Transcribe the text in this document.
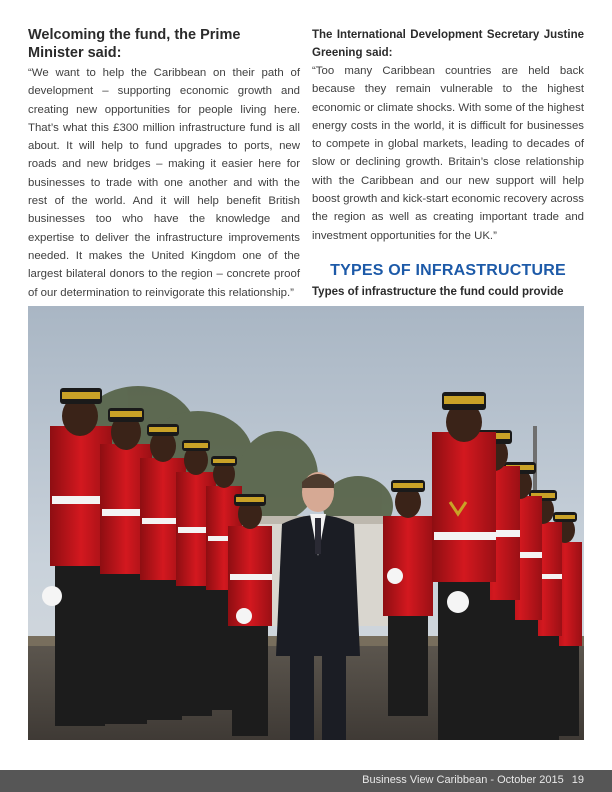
Welcoming the fund, the Prime Minister said:

“We want to help the Caribbean on their path of development – supporting economic growth and creating new opportunities for people living here. That’s what this £300 million infrastructure fund is all about. It will help to fund upgrades to ports, new roads and new bridges – making it easier here for businesses to trade with one another and with the rest of the world. And it will help benefit British businesses too who have the knowledge and expertise to deliver the infrastructure improvements needed. It makes the United Kingdom one of the largest bilateral donors to the region – concrete proof of our determination to reinvigorate this relationship.”

The International Development Secretary Justine Greening said:

“Too many Caribbean countries are held back because they remain vulnerable to the highest economic or climate shocks. With some of the highest energy costs in the world, it is difficult for businesses to compete in global markets, leading to decades of slow or declining growth. Britain’s close relationship with the Caribbean and our new support will help boost growth and kick-start economic recovery across the region as well as creating important trade and investment opportunities for the UK.”

TYPES OF INFRASTRUCTURE
Types of infrastructure the fund could provide
Business View Caribbean - October 2015 19
